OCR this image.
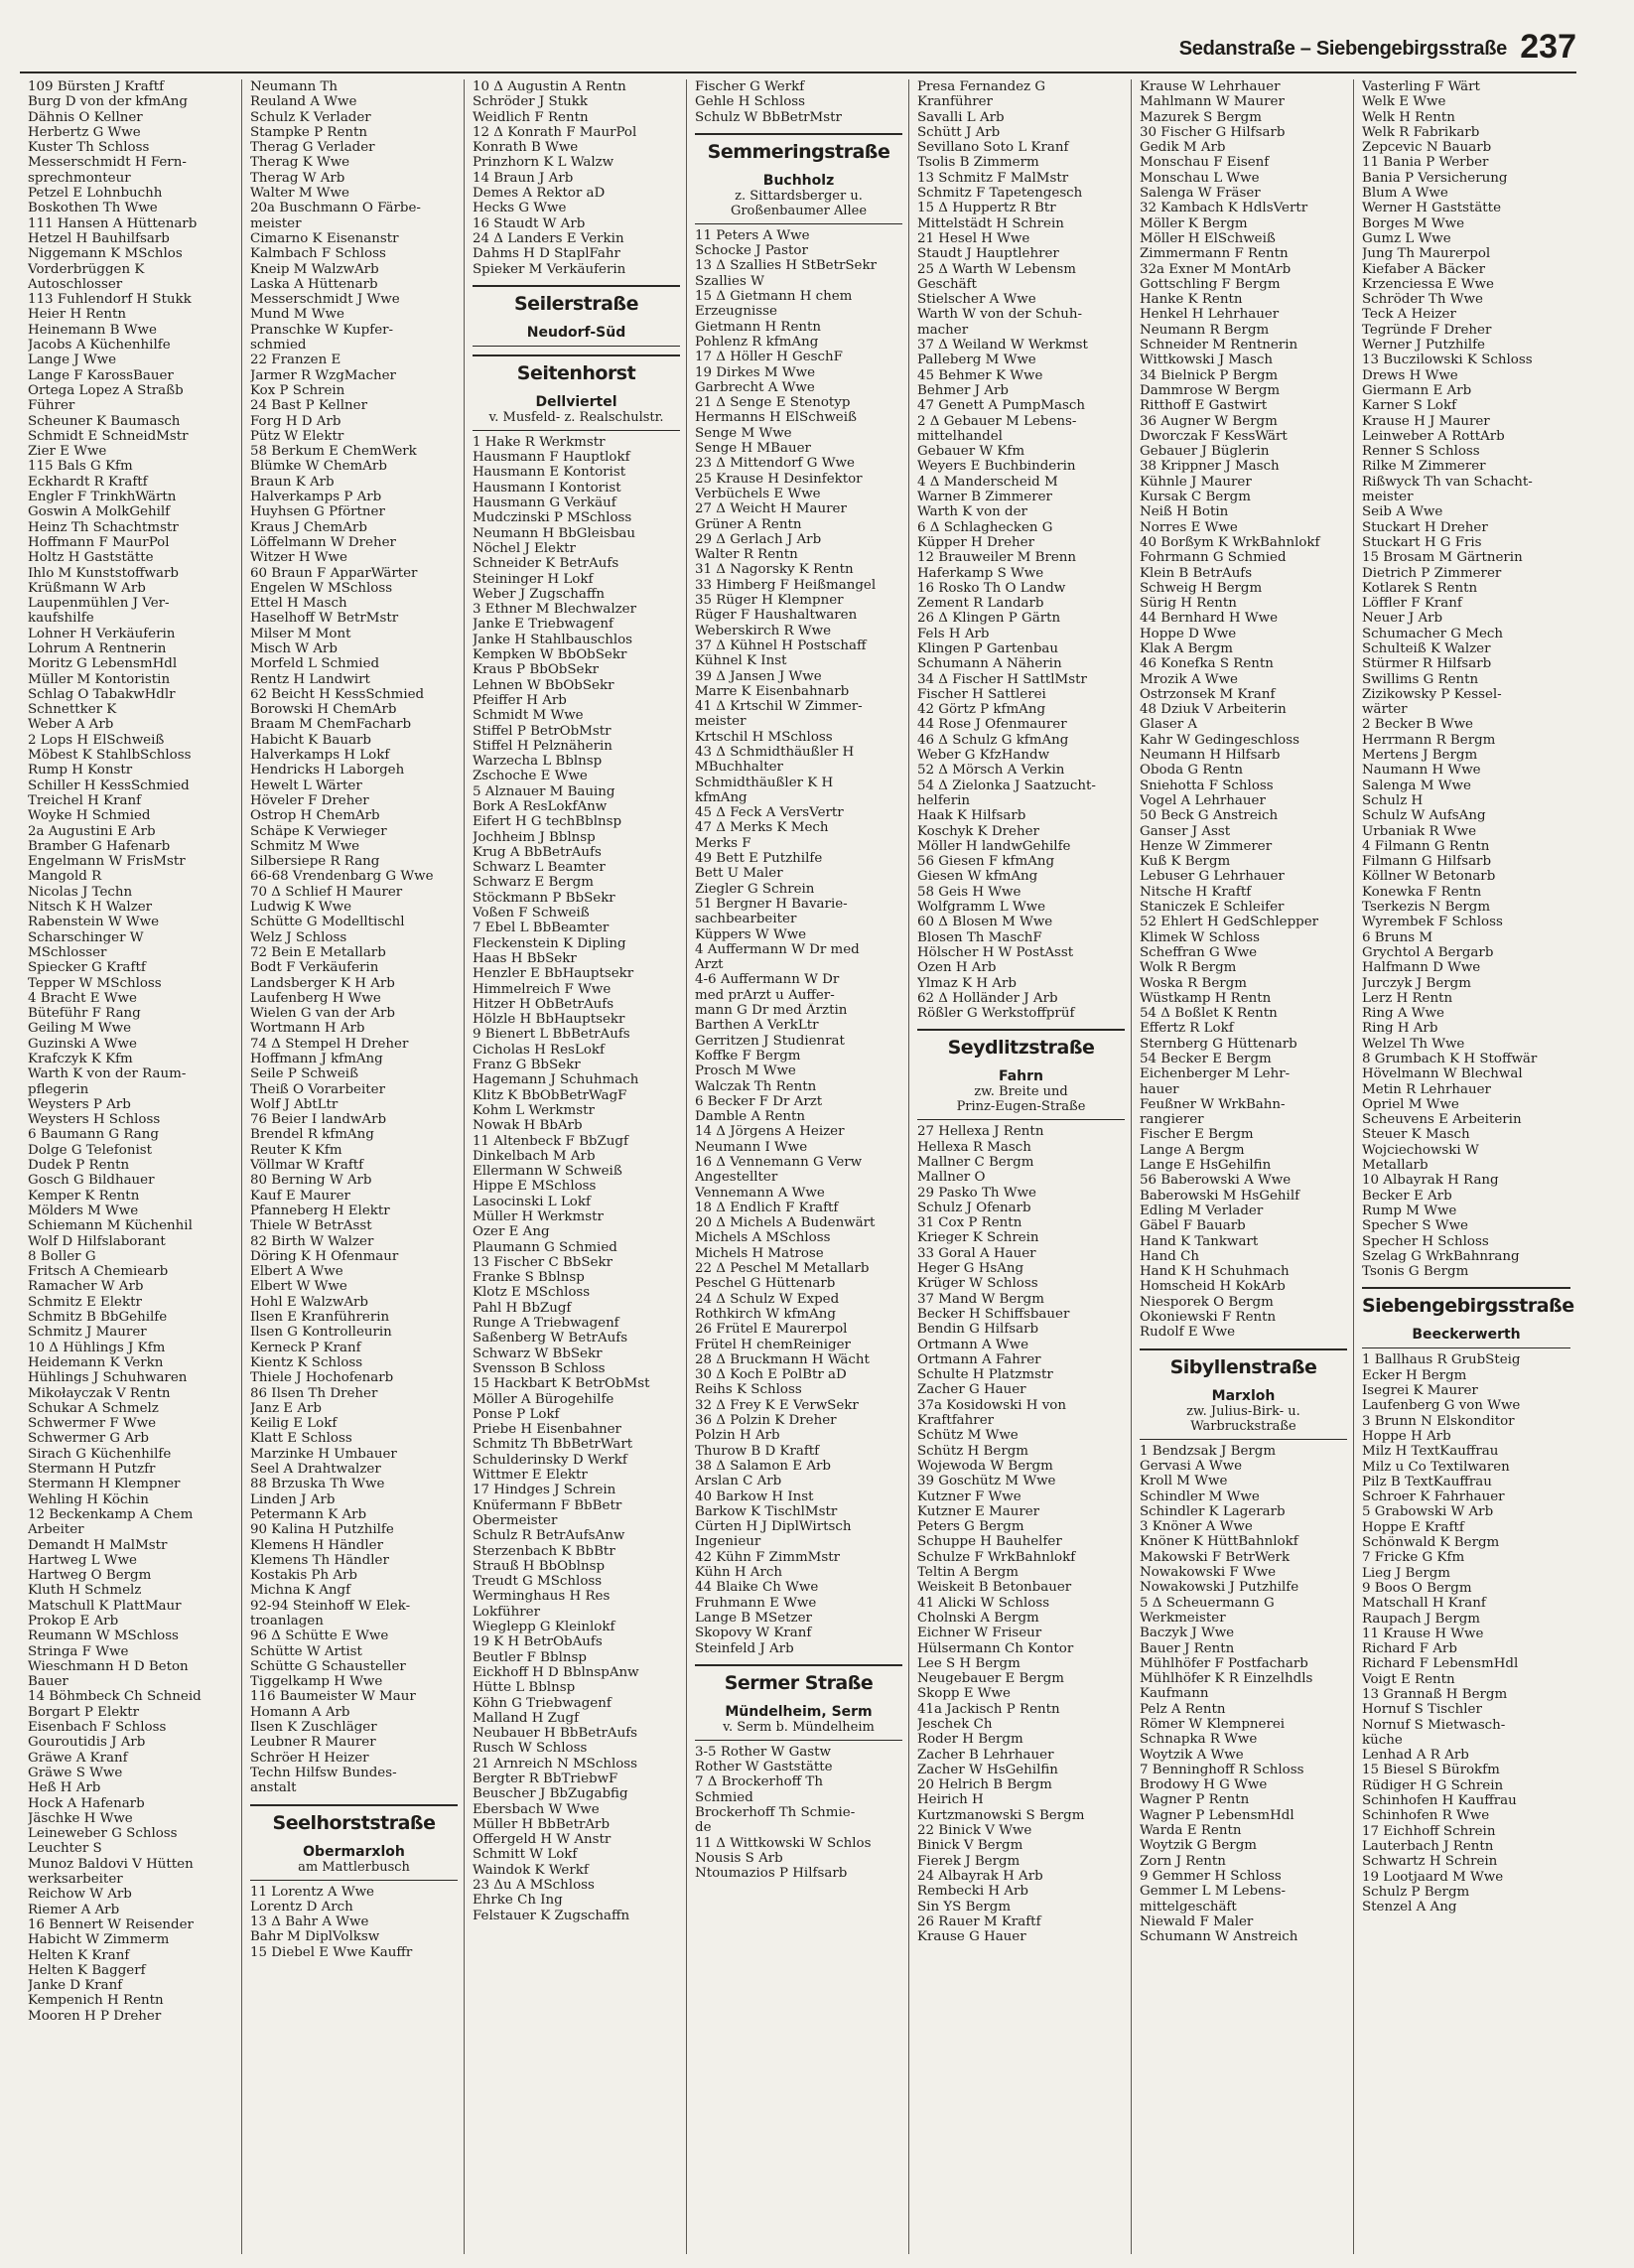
Sedanstraße – Siebengebirgsstraße 237
109 Bürsten J Kraftf
Burg D von der kfmAng
Dähnis O Kellner
Herbertz G Wwe
Kuster Th Schloss
Messerschmidt H Fern-
sprechmonteur
Petzel E Lohnbuchh
Boskothen Th Wwe
111 Hansen A Hüttenarb
Hetzel H Bauhilfsarb
Niggemann K MSchlos
Vorderbrüggen K
Autoschlosser
113 Fuhlendorf H Stukk
Heier H Rentn
Heinemann B Wwe
Jacobs A Küchenhilfe
Lange J Wwe
Lange F KarossBauer
Ortega Lopez A Straßb
Führer
Scheuner K Baumasch
Schmidt E SchneidMstr
Zier E Wwe
115 Bals G Kfm
Eckhardt R Kraftf
Engler F TrinkhWärtn
Goswin A MolkGehilf
Heinz Th Schachtmstr
Hoffmann F MaurPol
Holtz H Gaststätte
Ihlo M Kunststoffwarb
Krüßmann W Arb
Laupenmühlen J Ver-
kaufshilfe
Lohner H Verkäuferin
Lohrum A Rentnerin
Moritz G LebensmHdl
Müller M Kontoristin
Schlag O TabakwHdlr
Schnettker K
Weber A Arb
2 Lops H ElSchweiß
Möbest K StahlbSchloss
Rump H Konstr
Schiller H KessSchmied
Treichel H Kranf
Woyke H Schmied
2a Augustini E Arb
Bramber G Hafenarb
Engelmann W FrisMstr
Mangold R
Nicolas J Techn
Nitsch K H Walzer
Rabenstein W Wwe
Scharschinger W
MSchlosser
Spiecker G Kraftf
Tepper W MSchloss
4 Bracht E Wwe
Büteführ F Rang
Geiling M Wwe
Guzinski A Wwe
Krafczyk K Kfm
Warth K von der Raum-
pflegerin
Weysters P Arb
Weysters H Schloss
6 Baumann G Rang
Dolge G Telefonist
Dudek P Rentn
Gosch G Bildhauer
Kemper K Rentn
Mölders M Wwe
Schiemann M Küchenhil
Wolf D Hilfslaborant
8 Boller G
Fritsch A Chemiearb
Ramacher W Arb
Schmitz E Elektr
Schmitz B BbGehilfe
Schmitz J Maurer
10 Δ Hühlings J Kfm
Heidemann K Verkn
Hühlings J Schuhwaren
Mikołayczak V Rentn
Schukar A Schmelz
Schwermer F Wwe
Schwermer G Arb
Sirach G Küchenhilfe
Stermann H Putzfr
Stermann H Klempner
Wehling H Köchin
12 Beckenkamp A Chem
Arbeiter
Demandt H MalMstr
Hartweg L Wwe
Hartweg O Bergm
Kluth H Schmelz
Matschull K PlattMaur
Prokop E Arb
Reumann W MSchloss
Stringa F Wwe
Wieschmann H D Beton
Bauer
14 Böhmbeck Ch Schneid
Borgart P Elektr
Eisenbach F Schloss
Gouroutidis J Arb
Gräwe A Kranf
Gräwe S Wwe
Heß H Arb
Hock A Hafenarb
Jäschke H Wwe
Leineweber G Schloss
Leuchter S
Munoz Baldovi V Hütten
werksarbeiter
Reichow W Arb
Riemer A Arb
16 Bennert W Reisender
Habicht W Zimmerm
Helten K Kranf
Helten K Baggerf
Janke D Kranf
Kempenich H Rentn
Mooren H P Dreher
Neumann Th
Reuland A Wwe
Schulz K Verlader
Stampke P Rentn
Therag G Verlader
Therag K Wwe
Therag W Arb
Walter M Wwe
20a Buschmann O Färbe-
meister
Cimarno K Eisenanstr
Kalmbach F Schloss
Kneip M WalzwArb
Laska A Hüttenarb
Messerschmidt J Wwe
Mund M Wwe
Pranschke W Kupfer-
schmied
22 Franzen E
Jarmer R WzgMacher
Kox P Schrein
24 Bast P Kellner
Forg H D Arb
Pütz W Elektr
58 Berkum E ChemWerk
Blümke W ChemArb
Braun K Arb
Halverkamps P Arb
Huyhsen G Pförtner
Kraus J ChemArb
Löffelmann W Dreher
Witzer H Wwe
60 Braun F ApparWärter
Engelen W MSchloss
Ettel H Masch
Haselhoff W BetrMstr
Milser M Mont
Misch W Arb
Morfeld L Schmied
Rentz H Landwirt
62 Beicht H KessSchmied
Borowski H ChemArb
Braam M ChemFacharb
Habicht K Bauarb
Halverkamps H Lokf
Hendricks H Laborgeh
Hewelt L Wärter
Höveler F Dreher
Ostrop H ChemArb
Schäpe K Verwieger
Schmitz M Wwe
Silbersiepe R Rang
66-68 Vrendenbarg G Wwe
70 Δ Schlief H Maurer
Ludwig K Wwe
Schütte G Modelltischl
Welz J Schloss
72 Bein E Metallarb
Bodt F Verkäuferin
Landsberger K H Arb
Laufenberg H Wwe
Wielen G van der Arb
Wortmann H Arb
74 Δ Stempel H Dreher
Hoffmann J kfmAng
Seile P Schweiß
Theiß O Vorarbeiter
Wolf J AbtLtr
76 Beier I landwArb
Brendel R kfmAng
Reuter K Kfm
Völlmar W Kraftf
80 Berning W Arb
Kauf E Maurer
Pfanneberg H Elektr
Thiele W BetrAsst
82 Birth W Walzer
Döring K H Ofenmaur
Elbert A Wwe
Elbert W Wwe
Hohl E WalzwArb
Ilsen E Kranführerin
Ilsen G Kontrolleurin
Kerneck P Kranf
Kientz K Schloss
Thiele J Hochofenarb
86 Ilsen Th Dreher
Janz E Arb
Keilig E Lokf
Klatt E Schloss
Marzinke H Umbauer
Seel A Drahtwalzer
88 Brzuska Th Wwe
Linden J Arb
Petermann K Arb
90 Kalina H Putzhilfe
Klemens H Händler
Klemens Th Händler
Kostakis Ph Arb
Michna K Angf
92-94 Steinhoff W Elek-
troanlagen
96 Δ Schütte E Wwe
Schütte W Artist
Schütte G Schausteller
Tiggelkamp H Wwe
116 Baumeister W Maur
Homann A Arb
Ilsen K Zuschläger
Leubner R Maurer
Schröer H Heizer
Techn Hilfsw Bundes-
anstalt
Seelhorststraße
Obermarxloh
am Mattlerbusch
11 Lorentz A Wwe
Lorentz D Arch
13 Δ Bahr A Wwe
Bahr M DiplVolksw
15 Diebel E Wwe Kauffr
10 Δ Augustin A Rentn
Schröder J Stukk
Weidlich F Rentn
12 Δ Konrath F MaurPol
Konrath B Wwe
Prinzhorn K L Walzw
14 Braun J Arb
Demes A Rektor aD
Hecks G Wwe
16 Staudt W Arb
24 Δ Landers E Verkin
Dahms H D StaplFahr
Spieker M Verkäuferin
Seilerstraße
Neudorf-Süd
Seitenhorst
Dellviertel
v. Musfeld- z. Realschulstr.
1 Hake R Werkmstr
Hausmann F Hauptlokf
Hausmann E Kontorist
Hausmann I Kontorist
Hausmann G Verkäuf
Mudczinski P MSchloss
Neumann H BbGleisbau
Nöchel J Elektr
Schneider K BetrAufs
Steininger H Lokf
Weber J Zugschaffn
3 Ethner M Blechwalzer
Janke E Triebwagenf
Janke H Stahlbauschlos
Kempken W BbObSekr
Kraus P BbObSekr
Lehnen W BbObSekr
Pfeiffer H Arb
Schmidt M Wwe
Stiffel P BetrObMstr
Stiffel H Pelznäherin
Warzecha L Bblnsp
Zschoche E Wwe
5 Alznauer M Bauing
Bork A ResLokfAnw
Eifert H G techBblnsp
Jochheim J Bblnsp
Krug A BbBetrAufs
Schwarz L Beamter
Schwarz E Bergm
Stöckmann P BbSekr
Voßen F Schweiß
7 Ebel L BbBeamter
Fleckenstein K Dipling
Haas H BbSekr
Henzler E BbHauptsekr
Himmelreich F Wwe
Hitzer H ObBetrAufs
Hölzle H BbHauptsekr
9 Bienert L BbBetrAufs
Cicholas H ResLokf
Franz G BbSekr
Hagemann J Schuhmach
Klitz K BbObBetrWagF
Kohm L Werkmstr
Nowak H BbArb
11 Altenbeck F BbZugf
Dinkelbach M Arb
Ellermann W Schweiß
Hippe E MSchloss
Lasocinski L Lokf
Müller H Werkmstr
Özer E Ang
Plaumann G Schmied
13 Fischer C BbSekr
Franke S Bblnsp
Klotz E MSchloss
Pahl H BbZugf
Runge A Triebwagenf
Saßenberg W BetrAufs
Schwarz W BbSekr
Svensson B Schloss
15 Hackbart K BetrObMst
Möller A Bürogehilfe
Ponse P Lokf
Priebe H Eisenbahner
Schmitz Th BbBetrWart
Schulderinsky D Werkf
Wittmer E Elektr
17 Hindges J Schrein
Knüfermann F BbBetr
Obermeister
Schulz R BetrAufsAnw
Sterzenbach K BbBtr
Strauß H BbOblnsp
Treudt G MSchloss
Werminghaus H Res
Lokführer
Wieglepp G Kleinlokf
19 K H BetrObAufs
Beutler F Bblnsp
Eickhoff H D BblnspAnw
Hütte L Bblnsp
Köhn G Triebwagenf
Malland H Zugf
Neubauer H BbBetrAufs
Rusch W Schloss
21 Arnreich N MSchloss
Bergter R BbTriebwF
Beuscher J BbZugabfig
Ebersbach W Wwe
Müller H BbBetrArb
Offergeld H W Anstr
Schmitt W Lokf
Waindok K Werkf
23 Δu A MSchloss
Ehrke Ch Ing
Felstauer K Zugschaffn
Fischer G Werkf
Gehle H Schloss
Schulz W BbBetrMstr
Semmeringstraße
Buchholz
z. Sittardsberger u.
Großenbaumer Allee
11 Peters A Wwe
Schocke J Pastor
13 Δ Szallies H StBetrSekr
Szallies W
15 Δ Gietmann H chem
Erzeugnisse
Gietmann H Rentn
Pohlenz R kfmAng
17 Δ Höller H GeschF
19 Dirkes M Wwe
Garbrecht A Wwe
21 Δ Senge E Stenotyp
Hermanns H ElSchweiß
Senge M Wwe
Senge H MBauer
23 Δ Mittendorf G Wwe
25 Krause H Desinfektor
Verbüchels E Wwe
27 Δ Weicht H Maurer
Grüner A Rentn
29 Δ Gerlach J Arb
Walter R Rentn
31 Δ Nagorsky K Rentn
33 Himberg F Heißmangel
35 Rüger H Klempner
Rüger F Haushaltwaren
Weberskirch R Wwe
37 Δ Kühnel H Postschaff
Kühnel K Inst
39 Δ Jansen J Wwe
Marre K Eisenbahnarb
41 Δ Krtschil W Zimmer-
meister
Krtschil H MSchloss
43 Δ Schmidthäußler H
MBuchhalter
Schmidthäußler K H
kfmAng
45 Δ Feck A VersVertr
47 Δ Merks K Mech
Merks F
49 Bett E Putzhilfe
Bett U Maler
Ziegler G Schrein
51 Bergner H Bavarie-
sachbearbeiter
Küppers W Wwe
4 Auffermann W Dr med
Arzt
4-6 Auffermann W Dr
med prArzt u Auffer-
mann G Dr med Ärztin
Barthen A VerkLtr
Gerritzen J Studienrat
Koffke F Bergm
Prosch M Wwe
Walczak Th Rentn
6 Becker F Dr Arzt
Damble A Rentn
14 Δ Jörgens A Heizer
Neumann I Wwe
16 Δ Vennemann G Verw
Angestellter
Vennemann A Wwe
18 Δ Endlich F Kraftf
20 Δ Michels A Budenwärt
Michels A MSchloss
Michels H Matrose
22 Δ Peschel M Metallarb
Peschel G Hüttenarb
24 Δ Schulz W Exped
Rothkirch W kfmAng
26 Frütel E Maurerpol
Frütel H chemReiniger
28 Δ Bruckmann H Wächt
30 Δ Koch E PolBtr aD
Reihs K Schloss
32 Δ Frey K E VerwSekr
36 Δ Polzin K Dreher
Polzin H Arb
Thurow B D Kraftf
38 Δ Salamon E Arb
Arslan C Arb
40 Barkow H Inst
Barkow K TischlMstr
Cürten H J DiplWirtsch
Ingenieur
42 Kühn F ZimmMstr
Kühn H Arch
44 Blaike Ch Wwe
Fruhmann E Wwe
Lange B MSetzer
Skopovy W Kranf
Steinfeld J Arb
Sermer Straße
Mündelheim, Serm
v. Serm b. Mündelheim
3-5 Rother W Gastw
Rother W Gaststätte
7 Δ Brockerhoff Th
Schmied
Brockerhoff Th Schmie-
de
11 Δ Wittkowski W Schlos
Nousis S Arb
Ntoumazios P Hilfsarb
Presa Fernandez G
Kranführer
Savalli L Arb
Schütt J Arb
Sevillano Soto L Kranf
Tsolis B Zimmerm
13 Schmitz F MalMstr
Schmitz F Tapetengesch
15 Δ Huppertz R Btr
Mittelstädt H Schrein
21 Hesel H Wwe
Staudt J Hauptlehrer
25 Δ Warth W Lebensm
Geschäft
Stielscher A Wwe
Warth W von der Schuh-
macher
37 Δ Weiland W Werkmst
Palleberg M Wwe
45 Behmer K Wwe
Behmer J Arb
47 Genett A PumpMasch
2 Δ Gebauer M Lebens-
mittelhandel
Gebauer W Kfm
Weyers E Buchbinderin
4 Δ Manderscheid M
Warner B Zimmerer
Warth K von der
6 Δ Schlaghecken G
Küpper H Dreher
12 Brauweiler M Brenn
Haferkamp S Wwe
16 Rosko Th O Landw
Zement R Landarb
26 Δ Klingen P Gärtn
Fels H Arb
Klingen P Gartenbau
Schumann A Näherin
34 Δ Fischer H SattlMstr
Fischer H Sattlerei
42 Görtz P kfmAng
44 Rose J Ofenmaurer
46 Δ Schulz G kfmAng
Weber G KfzHandw
52 Δ Mörsch A Verkin
54 Δ Zielonka J Saatzucht-
helferin
Haak K Hilfsarb
Koschyk K Dreher
Möller H landwGehilfe
56 Giesen F kfmAng
Giesen W kfmAng
58 Geis H Wwe
Wolfgramm L Wwe
60 Δ Blosen M Wwe
Blosen Th MaschF
Hölscher H W PostAsst
Özen H Arb
Ylmaz K H Arb
62 Δ Holländer J Arb
Rößler G Werkstoffprüf
Seydlitzstraße
Fahrn
zw. Breite und
Prinz-Eugen-Straße
27 Hellexa J Rentn
Hellexa R Masch
Mallner C Bergm
Mallner O
29 Pasko Th Wwe
Schulz J Ofenarb
31 Cox P Rentn
Krieger K Schrein
33 Goral A Hauer
Heger G HsAng
Krüger W Schloss
37 Mand W Bergm
Becker H Schiffsbauer
Bendin G Hilfsarb
Ortmann A Wwe
Ortmann A Fahrer
Schulte H Platzmstr
Zacher G Hauer
37a Kosidowski H von
Kraftfahrer
Schütz M Wwe
Schütz H Bergm
Wojewoda W Bergm
39 Goschütz M Wwe
Kutzner F Wwe
Kutzner E Maurer
Peters G Bergm
Schuppe H Bauhelfer
Schulze F WrkBahnlokf
Teltin A Bergm
Weiskeit B Betonbauer
41 Alicki W Schloss
Cholnski A Bergm
Eichner W Friseur
Hülsermann Ch Kontor
Lee S H Bergm
Neugebauer E Bergm
Skopp E Wwe
41a Jackisch P Rentn
Jeschek Ch
Roder H Bergm
Zacher B Lehrhauer
Zacher W HsGehilfin
20 Helrich B Bergm
Heirich H
Kurtzmanowski S Bergm
22 Binick V Wwe
Binick V Bergm
Fierek J Bergm
24 Albayrak H Arb
Rembecki H Arb
Sin YS Bergm
26 Rauer M Kraftf
Krause G Hauer
Krause W Lehrhauer
Mahlmann W Maurer
Mazurek S Bergm
30 Fischer G Hilfsarb
Gedik M Arb
Monschau F Eisenf
Monschau L Wwe
Salenga W Fräser
32 Kambach K HdlsVertr
Möller K Bergm
Möller H ElSchweiß
Zimmermann F Rentn
32a Exner M MontArb
Gottschling F Bergm
Hanke K Rentn
Henkel H Lehrhauer
Neumann R Bergm
Schneider M Rentnerin
Wittkowski J Masch
34 Bielnick P Bergm
Dammrose W Bergm
Ritthoff E Gastwirt
36 Augner W Bergm
Dworczak F KessWärt
Gebauer J Büglerin
38 Krippner J Masch
Kühnle J Maurer
Kursak C Bergm
Neiß H Botin
Norres E Wwe
40 Borßym K WrkBahnlokf
Fohrmann G Schmied
Klein B BetrAufs
Schweig H Bergm
Sürig H Rentn
44 Bernhard H Wwe
Hoppe D Wwe
Klak A Bergm
46 Konefka S Rentn
Mrozik A Wwe
Ostrzonsek M Kranf
48 Dziuk V Arbeiterin
Glaser A
Kahr W Gedingeschloss
Neumann H Hilfsarb
Oboda G Rentn
Sniehotta F Schloss
Vogel A Lehrhauer
50 Beck G Anstreich
Ganser J Asst
Henze W Zimmerer
Kuß K Bergm
Lebuser G Lehrhauer
Nitsche H Kraftf
Staniczek E Schleifer
52 Ehlert H GedSchlepper
Klimek W Schloss
Scheffran G Wwe
Wolk R Bergm
Woska R Bergm
Wüstkamp H Rentn
54 Δ Boßlet K Rentn
Effertz R Lokf
Sternberg G Hüttenarb
54 Becker E Bergm
Eichenberger M Lehr-
hauer
Feußner W WrkBahn-
rangierer
Fischer E Bergm
Lange A Bergm
Lange E HsGehilfin
56 Baberowski A Wwe
Baberowski M HsGehilf
Edling M Verlader
Gäbel F Bauarb
Hand K Tankwart
Hand Ch
Hand K H Schuhmach
Homscheid H KokArb
Niesporek O Bergm
Okoniewski F Rentn
Rudolf E Wwe
Sibyllenstraße
Marxloh
zw. Julius-Birk- u.
Warbruckstraße
1 Bendzsak J Bergm
Gervasi A Wwe
Kroll M Wwe
Schindler M Wwe
Schindler K Lagerarb
3 Knöner A Wwe
Knöner K HüttBahnlokf
Makowski F BetrWerk
Nowakowski F Wwe
Nowakowski J Putzhilfe
5 Δ Scheuermann G
Werkmeister
Baczyk J Wwe
Bauer J Rentn
Mühlhöfer F Postfacharb
Mühlhöfer K R Einzelhdls
Kaufmann
Pelz A Rentn
Römer W Klempnerei
Schnapka R Wwe
Woytzik A Wwe
7 Benninghoff R Schloss
Brodowy H G Wwe
Wagner P Rentn
Wagner P LebensmHdl
Warda E Rentn
Woytzik G Bergm
Zorn J Rentn
9 Gemmer H Schloss
Gemmer L M Lebens-
mittelgeschäft
Niewald F Maler
Schumann W Anstreich
Vasterling F Wärt
Welk E Wwe
Welk H Rentn
Welk R Fabrikarb
Zepcevic N Bauarb
11 Bania P Werber
Bania P Versicherung
Blum A Wwe
Werner H Gaststätte
Borges M Wwe
Gumz L Wwe
Jung Th Maurerpol
Kiefaber A Bäcker
Krzenciessa E Wwe
Schröder Th Wwe
Teck A Heizer
Tegründe F Dreher
Werner J Putzhilfe
13 Buczilowski K Schloss
Drews H Wwe
Giermann E Arb
Karner S Lokf
Krause H J Maurer
Leinweber A RottArb
Renner S Schloss
Rilke M Zimmerer
Rißwyck Th van Schacht-
meister
Seib A Wwe
Stuckart H Dreher
Stuckart H G Fris
15 Brosam M Gärtnerin
Dietrich P Zimmerer
Kotlarek S Rentn
Löffler F Kranf
Neuer J Arb
Schumacher G Mech
Schulteiß K Walzer
Stürmer R Hilfsarb
Swillims G Rentn
Zizikowsky P Kessel-
wärter
2 Becker B Wwe
Herrmann R Bergm
Mertens J Bergm
Naumann H Wwe
Salenga M Wwe
Schulz H
Schulz W AufsAng
Urbaniak R Wwe
4 Filmann G Rentn
Filmann G Hilfsarb
Köllner W Betonarb
Konewka F Rentn
Tserkezis N Bergm
Wyrembek F Schloss
6 Bruns M
Grychtol A Bergarb
Halfmann D Wwe
Jurczyk J Bergm
Lerz H Rentn
Ring A Wwe
Ring H Arb
Welzel Th Wwe
8 Grumbach K H Stoffwär
Hövelmann W Blechwal
Metin R Lehrhauer
Opriel M Wwe
Scheuvens E Arbeiterin
Steuer K Masch
Wojciechowski W
Metallarb
10 Albayrak H Rang
Becker E Arb
Rump M Wwe
Specher S Wwe
Specher H Schloss
Szelag G WrkBahnrang
Tsonis G Bergm
Siebengebirgsstraße
Beeckerwerth
1 Ballhaus R GrubSteig
Ecker H Bergm
Isegrei K Maurer
Laufenberg G von Wwe
3 Brunn N Elskonditor
Hoppe H Arb
Milz H TextKauffrau
Milz u Co Textilwaren
Pilz B TextKauffrau
Schroer K Fahrhauer
5 Grabowski W Arb
Hoppe E Kraftf
Schönwald K Bergm
7 Fricke G Kfm
Lieg J Bergm
9 Boos O Bergm
Matschall H Kranf
Raupach J Bergm
11 Krause H Wwe
Richard F Arb
Richard F LebensmHdl
Voigt E Rentn
13 Grannaß H Bergm
Hornuf S Tischler
Nornuf S Mietwasch-
küche
Lenhad A R Arb
15 Biesel S Bürokfm
Rüdiger H G Schrein
Schinhofen H Kauffrau
Schinhofen R Wwe
17 Eichhoff Schrein
Lauterbach J Rentn
Schwartz H Schrein
19 Lootjaard M Wwe
Schulz P Bergm
Stenzel A Ang
